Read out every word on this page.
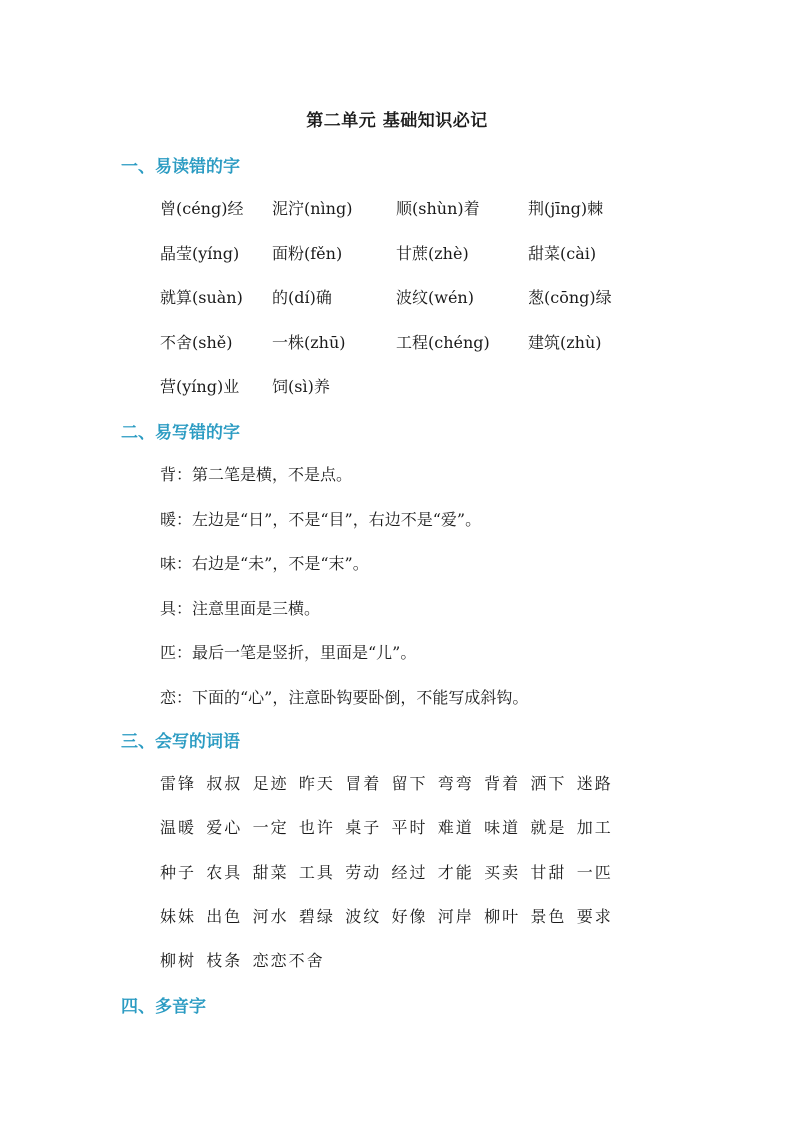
第二单元 基础知识必记
一、易读错的字
曾(céng)经 泥泞(nìng)	顺(shùn)着	荆(jīng)棘
晶莹(yíng) 面粉(fěn)	甘蔗(zhè)	甜菜(cài)
就算(suàn) 的(dí)确	波纹(wén)	葱(cōng)绿
不舍(shě) 一株(zhū)	工程(chéng) 建筑(zhù)
营(yíng)业 饲(sì)养
二、易写错的字
背：第二笔是横，不是点。
暖：左边是“日”，不是“目”，右边不是“爱”。
味：右边是“未”，不是“末”。
具：注意里面是三横。
匹：最后一笔是竖折，里面是“儿”。
恋：下面的“心”，注意卧钩要卧倒，不能写成斜钩。
三、会写的词语
雷锋 叔叔 足迹 昨天 冒着 留下 弯弯 背着 洒下 迷路
温暖 爱心 一定 也许 桌子 平时 难道 味道 就是 加工
种子 农具 甜菜 工具 劳动 经过 才能 买卖 甘甜 一匹
妹妹 出色 河水 碧绿 波纹 好像 河岸 柳叶 景色 要求
柳树 枝条 恋恋不舍
四、多音字
